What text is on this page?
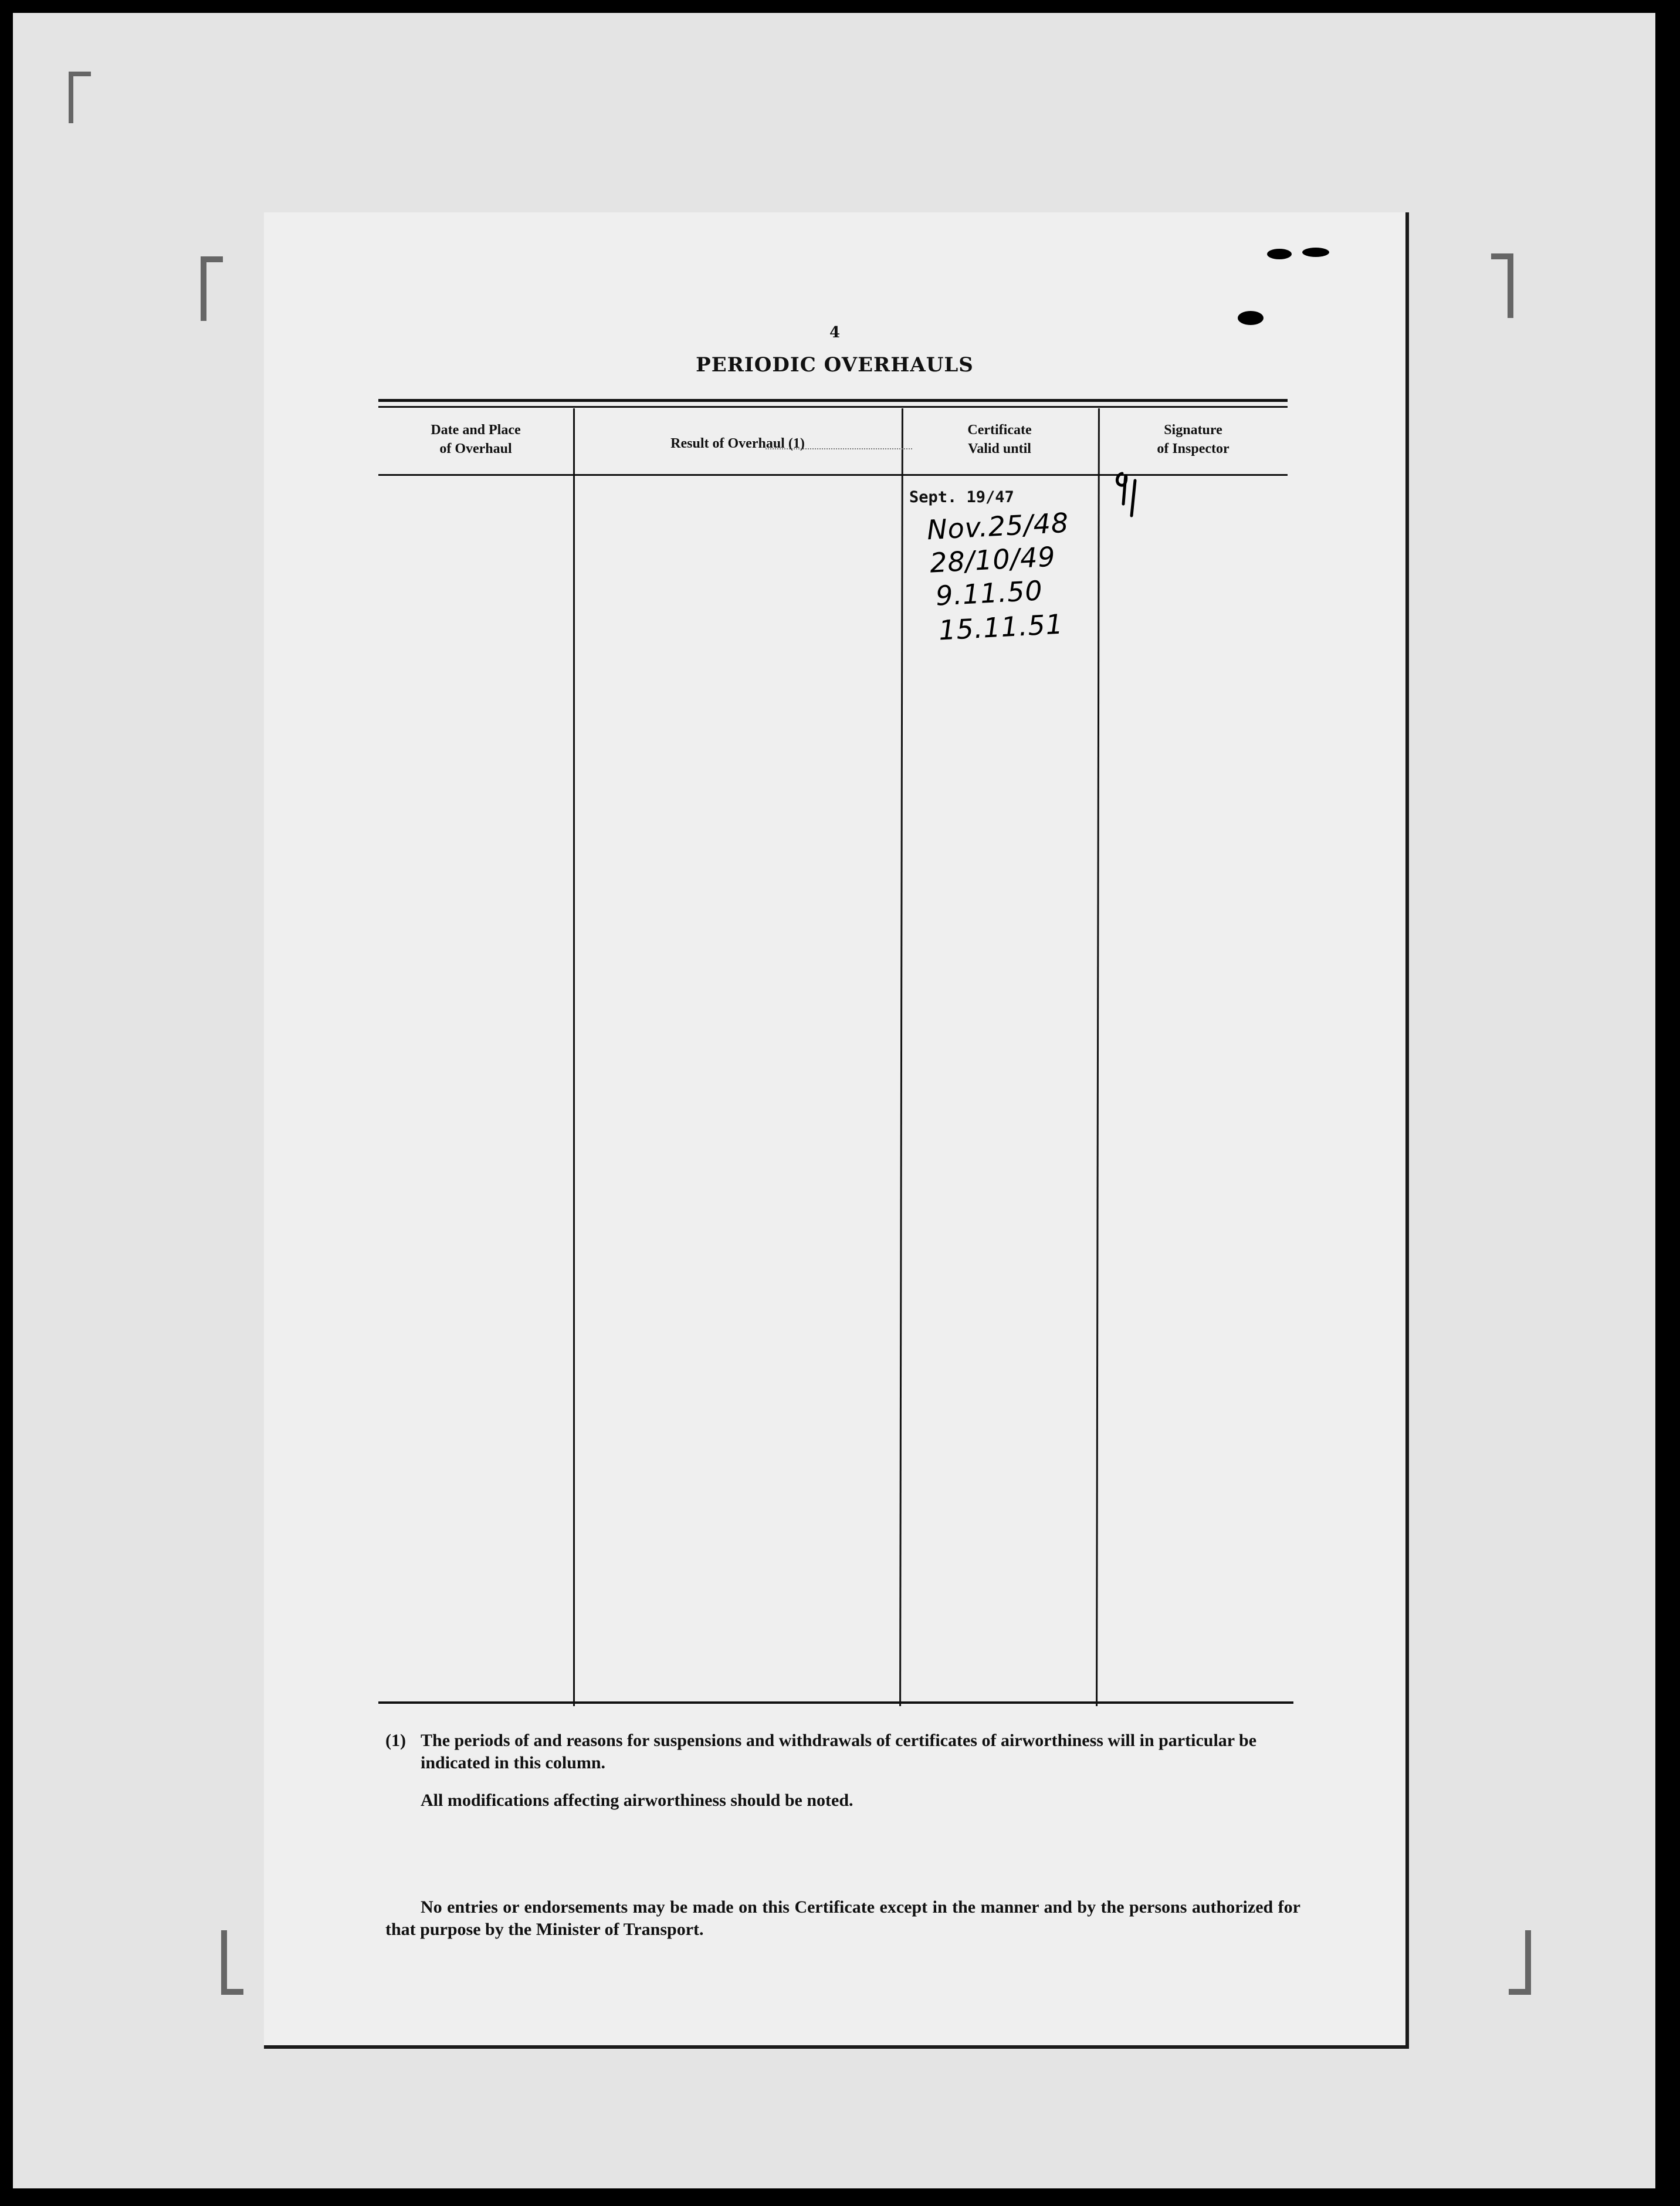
4
PERIODIC OVERHAULS
Date and Place
of Overhaul	Result of Overhaul (1)
Certificate
Valid until
Signature
of Inspector
Sept. 19/47
Nov.25/48
28/10/49
9.11.50
15.11.51
(1) The periods of and reasons for suspensions and withdrawals of certificates of airworthiness will in particular be indicated in this column.
All modifications affecting airworthiness should be noted.
No entries or endorsements may be made on this Certificate except in the manner and by the persons authorized for that purpose by the Minister of Transport.
